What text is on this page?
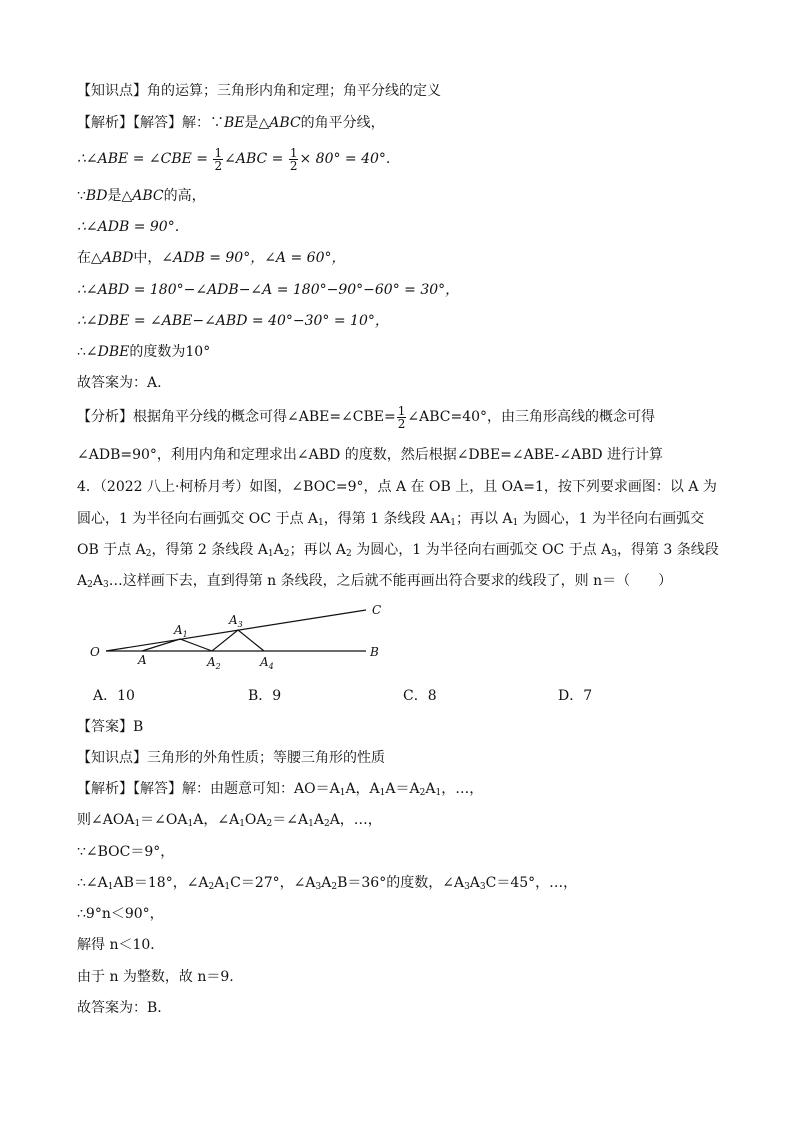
【知识点】角的运算；三角形内角和定理；角平分线的定义
【解析】【解答】解：∵BE是△ABC的角平分线，
∴∠ABE = ∠CBE = $\frac{1}{2}$ ∠ABC = $\frac{1}{2} \times 80^\circ = 40^\circ$.
∵BD是△ABC的高，
∴∠ADB = 90°.
在△ABD中，∠ADB = 90°，∠A = 60°，
∴∠ABD = 180°−∠ADB−∠A = 180°−90°−60° = 30°，
∴∠DBE = ∠ABE−∠ABD = 40°−30° = 10°，
∴∠DBE的度数为10°
故答案为：A.
【分析】根据角平分线的概念可得∠ABE=∠CBE= $\frac{1}{2}$ ∠ABC=40°，由三角形高线的概念可得
∠ADB=90°，利用内角和定理求出∠ABD 的度数，然后根据∠DBE=∠ABE-∠ABD 进行计算
4．（2022 八上·柯桥月考）如图，∠BOC=9°，点 A 在 OB 上，且 OA=1，按下列要求画图：以 A 为
圆心，1 为半径向右画弧交 OC 于点 $A_1$，得第 1 条线段 $AA_1$；再以 $A_1$ 为圆心，1 为半径向右画弧交
OB 于点 $A_2$，得第 2 条线段 $A_1A_2$；再以 $A_2$ 为圆心，1 为半径向右画弧交 OC 于点 $A_3$，得第 3 条线段
$A_2A_3\dots$这样画下去，直到得第 n 条线段，之后就不能再画出符合要求的线段了，则 n＝（　　）
O
A
$A_1$
$A_2$
$A_3$
$A_4$
B
C
A．10	B．9	C．8	D．7
【答案】B
【知识点】三角形的外角性质；等腰三角形的性质
【解析】【解答】解：由题意可知：$AO=A_1A$，$A_1A=A_2A_1$，…，
则$\angle AOA_1=\angle OA_1A$，$\angle A_1OA_2=\angle A_1A_2A$，…，
∵∠BOC＝9°，
$\therefore\angle A_1AB=18^\circ$，$\angle A_2A_1C=27^\circ$，$\angle A_3A_2B=36^\circ$的度数，$\angle A_3A_3C=45^\circ$，…，
∴9°n＜90°，
解得 n＜10．
由于 n 为整数，故 n＝9.
故答案为：B.
